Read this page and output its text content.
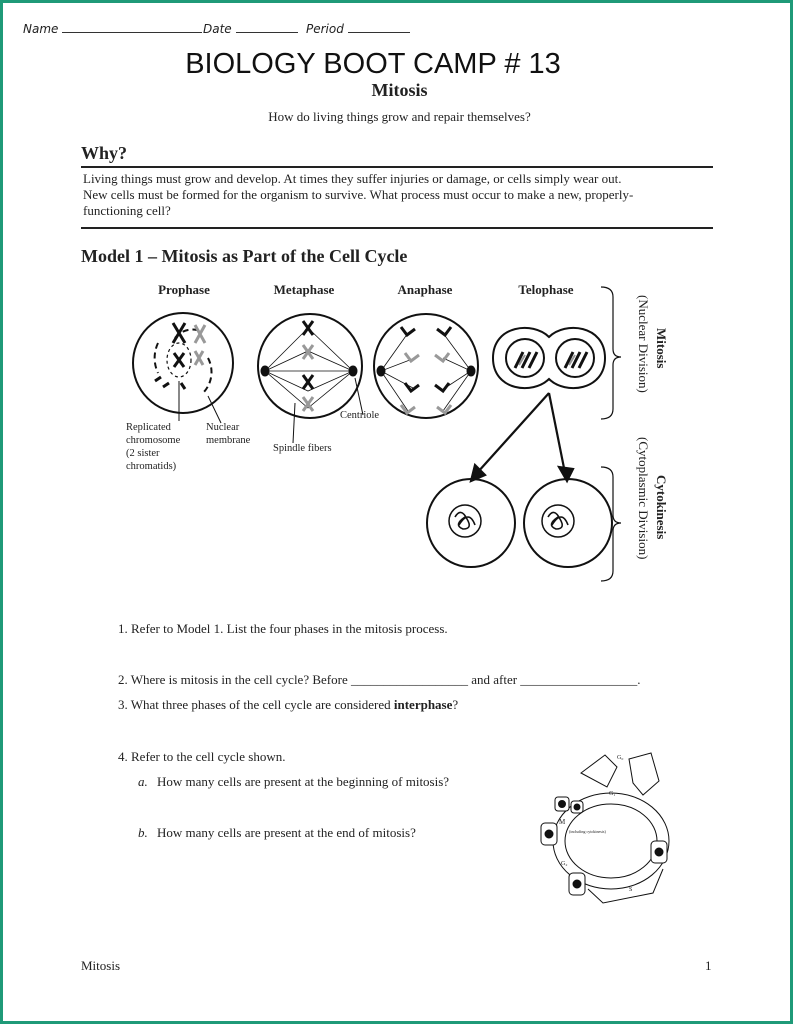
Name	Date	Period
BIOLOGY BOOT CAMP # 13
Mitosis
How do living things grow and repair themselves?
Why?
Living things must grow and develop. At times they suffer injuries or damage, or cells simply wear out.
New cells must be formed for the organism to survive. What process must occur to make a new, properly-
functioning cell?
Model 1 – Mitosis as Part of the Cell Cycle
Prophase	Metaphase	Anaphase	Telophase
Replicated
chromosome
(2 sister
chromatids)
Nuclear
membrane
Centriole
Spindle fibers
(Nuclear Division) Mitosis
(Cytoplasmic Division) Cytokinesis
1. Refer to Model 1. List the four phases in the mitosis process.
2. Where is mitosis in the cell cycle? Before __________________ and after __________________.
3. What three phases of the cell cycle are considered interphase?
4. Refer to the cell cycle shown.
a. How many cells are present at the beginning of mitosis?
b. How many cells are present at the end of mitosis?
G₀
G₁
M
(including cytokinesis)
G₂
S
Mitosis	1
